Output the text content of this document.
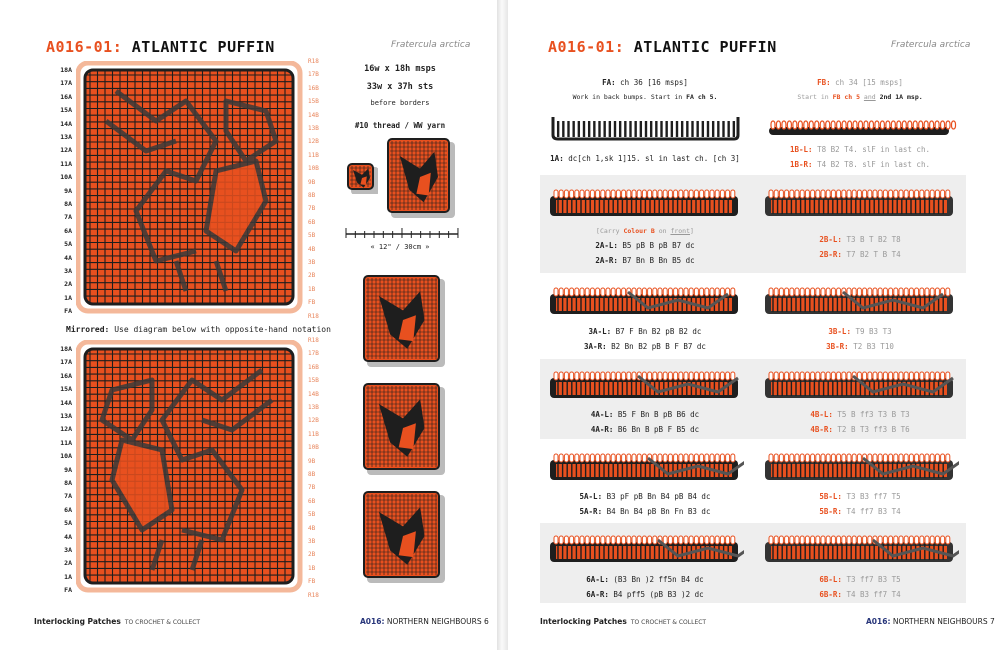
A016-01: ATLANTIC PUFFIN	Fratercula arctica
18A
17A
16A
15A
14A
13A
12A
11A
10A
9A
8A
7A
6A
5A
4A
3A
2A
1A
FA
R18
17B
16B
15B
14B
13B
12B
11B
10B
9B
8B
7B
6B
5B
4B
3B
2B
1B
FB
R18
18A
17A
16A
15A
14A
13A
12A
11A
10A
9A
8A
7A
6A
5A
4A
3A
2A
1A
FA
R18
17B
16B
15B
14B
13B
12B
11B
10B
9B
8B
7B
6B
5B
4B
3B
2B
1B
FB
R18
Mirrored: Use diagram below with opposite-hand notation
16w x 18h msps
33w x 37h sts
before borders
#10 thread / WW yarn
« 12" / 30cm »
Interlocking Patches TO CROCHET & COLLECT	A016: NORTHERN NEIGHBOURS 6
A016-01: ATLANTIC PUFFIN	Fratercula arctica
FA: ch 36 [16 msps]
Work in back bumps. Start in FA ch 5.
FB: ch 34 [15 msps]
Start in FB ch 5 and 2nd 1A msp.
1A: dc[ch 1,sk 1]15. sl in last ch. [ch 3]
1B-L: T8 B2 T4. slF in last ch.
1B-R: T4 B2 T8. slF in last ch.
[Carry Colour B on front]
2A-L: B5 pB B pB B7 dc
2A-R: B7 Bn B Bn B5 dc
2B-L: T3 B T B2 T8
2B-R: T7 B2 T B T4
3A-L: B7 F Bn B2 pB B2 dc
3A-R: B2 Bn B2 pB B F B7 dc
3B-L: T9 B3 T3
3B-R: T2 B3 T10
4A-L: B5 F Bn B pB B6 dc
4A-R: B6 Bn B pB F B5 dc
4B-L: T5 B ff3 T3 B T3
4B-R: T2 B T3 ff3 B T6
5A-L: B3 pF pB Bn B4 pB B4 dc
5A-R: B4 Bn B4 pB Bn Fn B3 dc
5B-L: T3 B3 ff7 T5
5B-R: T4 ff7 B3 T4
6A-L: (B3 Bn )2 ff5n B4 dc
6A-R: B4 pff5 (pB B3 )2 dc
6B-L: T3 ff7 B3 T5
6B-R: T4 B3 ff7 T4
Interlocking Patches TO CROCHET & COLLECT	A016: NORTHERN NEIGHBOURS 7
